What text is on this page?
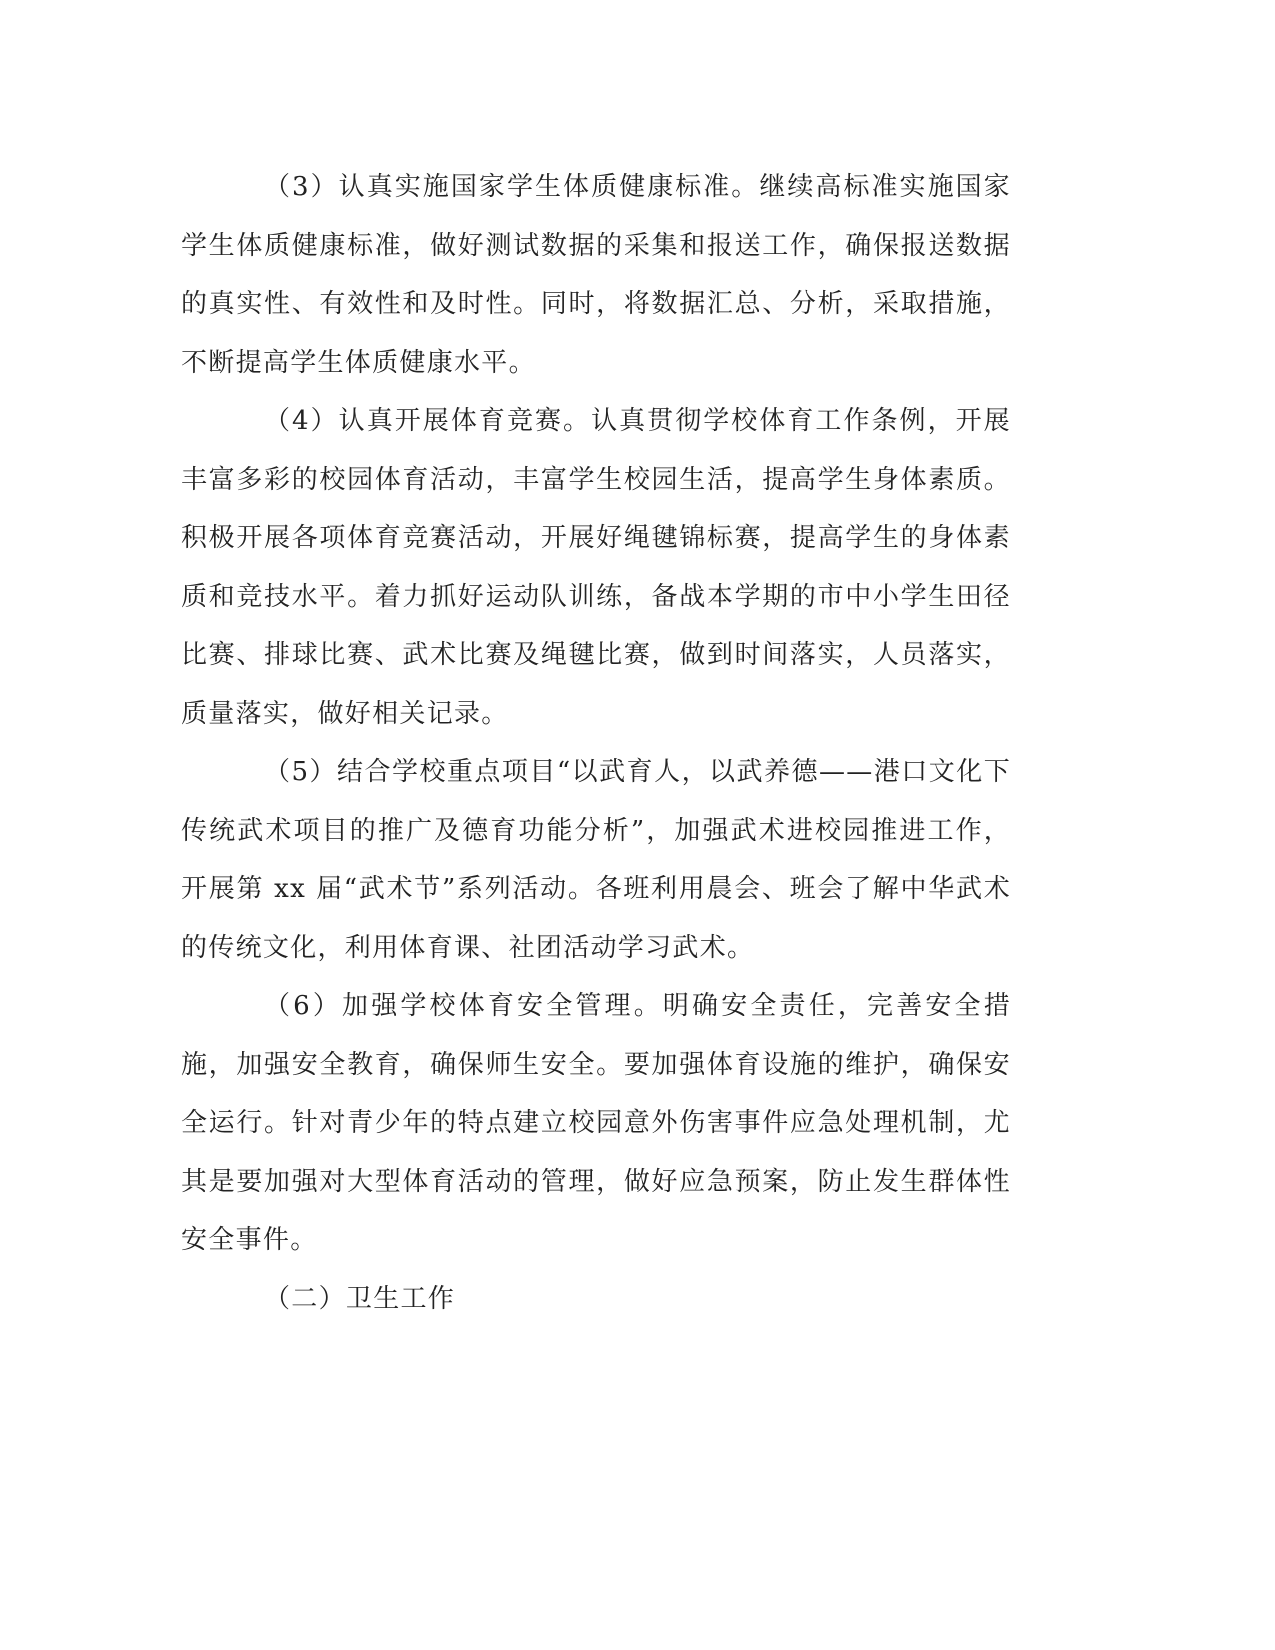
（3）认真实施国家学生体质健康标准。继续高标准实施国家学生体质健康标准，做好测试数据的采集和报送工作，确保报送数据的真实性、有效性和及时性。同时，将数据汇总、分析，采取措施，不断提高学生体质健康水平。

（4）认真开展体育竞赛。认真贯彻学校体育工作条例，开展丰富多彩的校园体育活动，丰富学生校园生活，提高学生身体素质。积极开展各项体育竞赛活动，开展好绳毽锦标赛，提高学生的身体素质和竞技水平。着力抓好运动队训练，备战本学期的市中小学生田径比赛、排球比赛、武术比赛及绳毽比赛，做到时间落实，人员落实，质量落实，做好相关记录。

（5）结合学校重点项目“以武育人，以武养德——港口文化下传统武术项目的推广及德育功能分析”，加强武术进校园推进工作，开展第 xx 届“武术节”系列活动。各班利用晨会、班会了解中华武术的传统文化，利用体育课、社团活动学习武术。

（6）加强学校体育安全管理。明确安全责任，完善安全措施，加强安全教育，确保师生安全。要加强体育设施的维护，确保安全运行。针对青少年的特点建立校园意外伤害事件应急处理机制，尤其是要加强对大型体育活动的管理，做好应急预案，防止发生群体性安全事件。

（二）卫生工作
